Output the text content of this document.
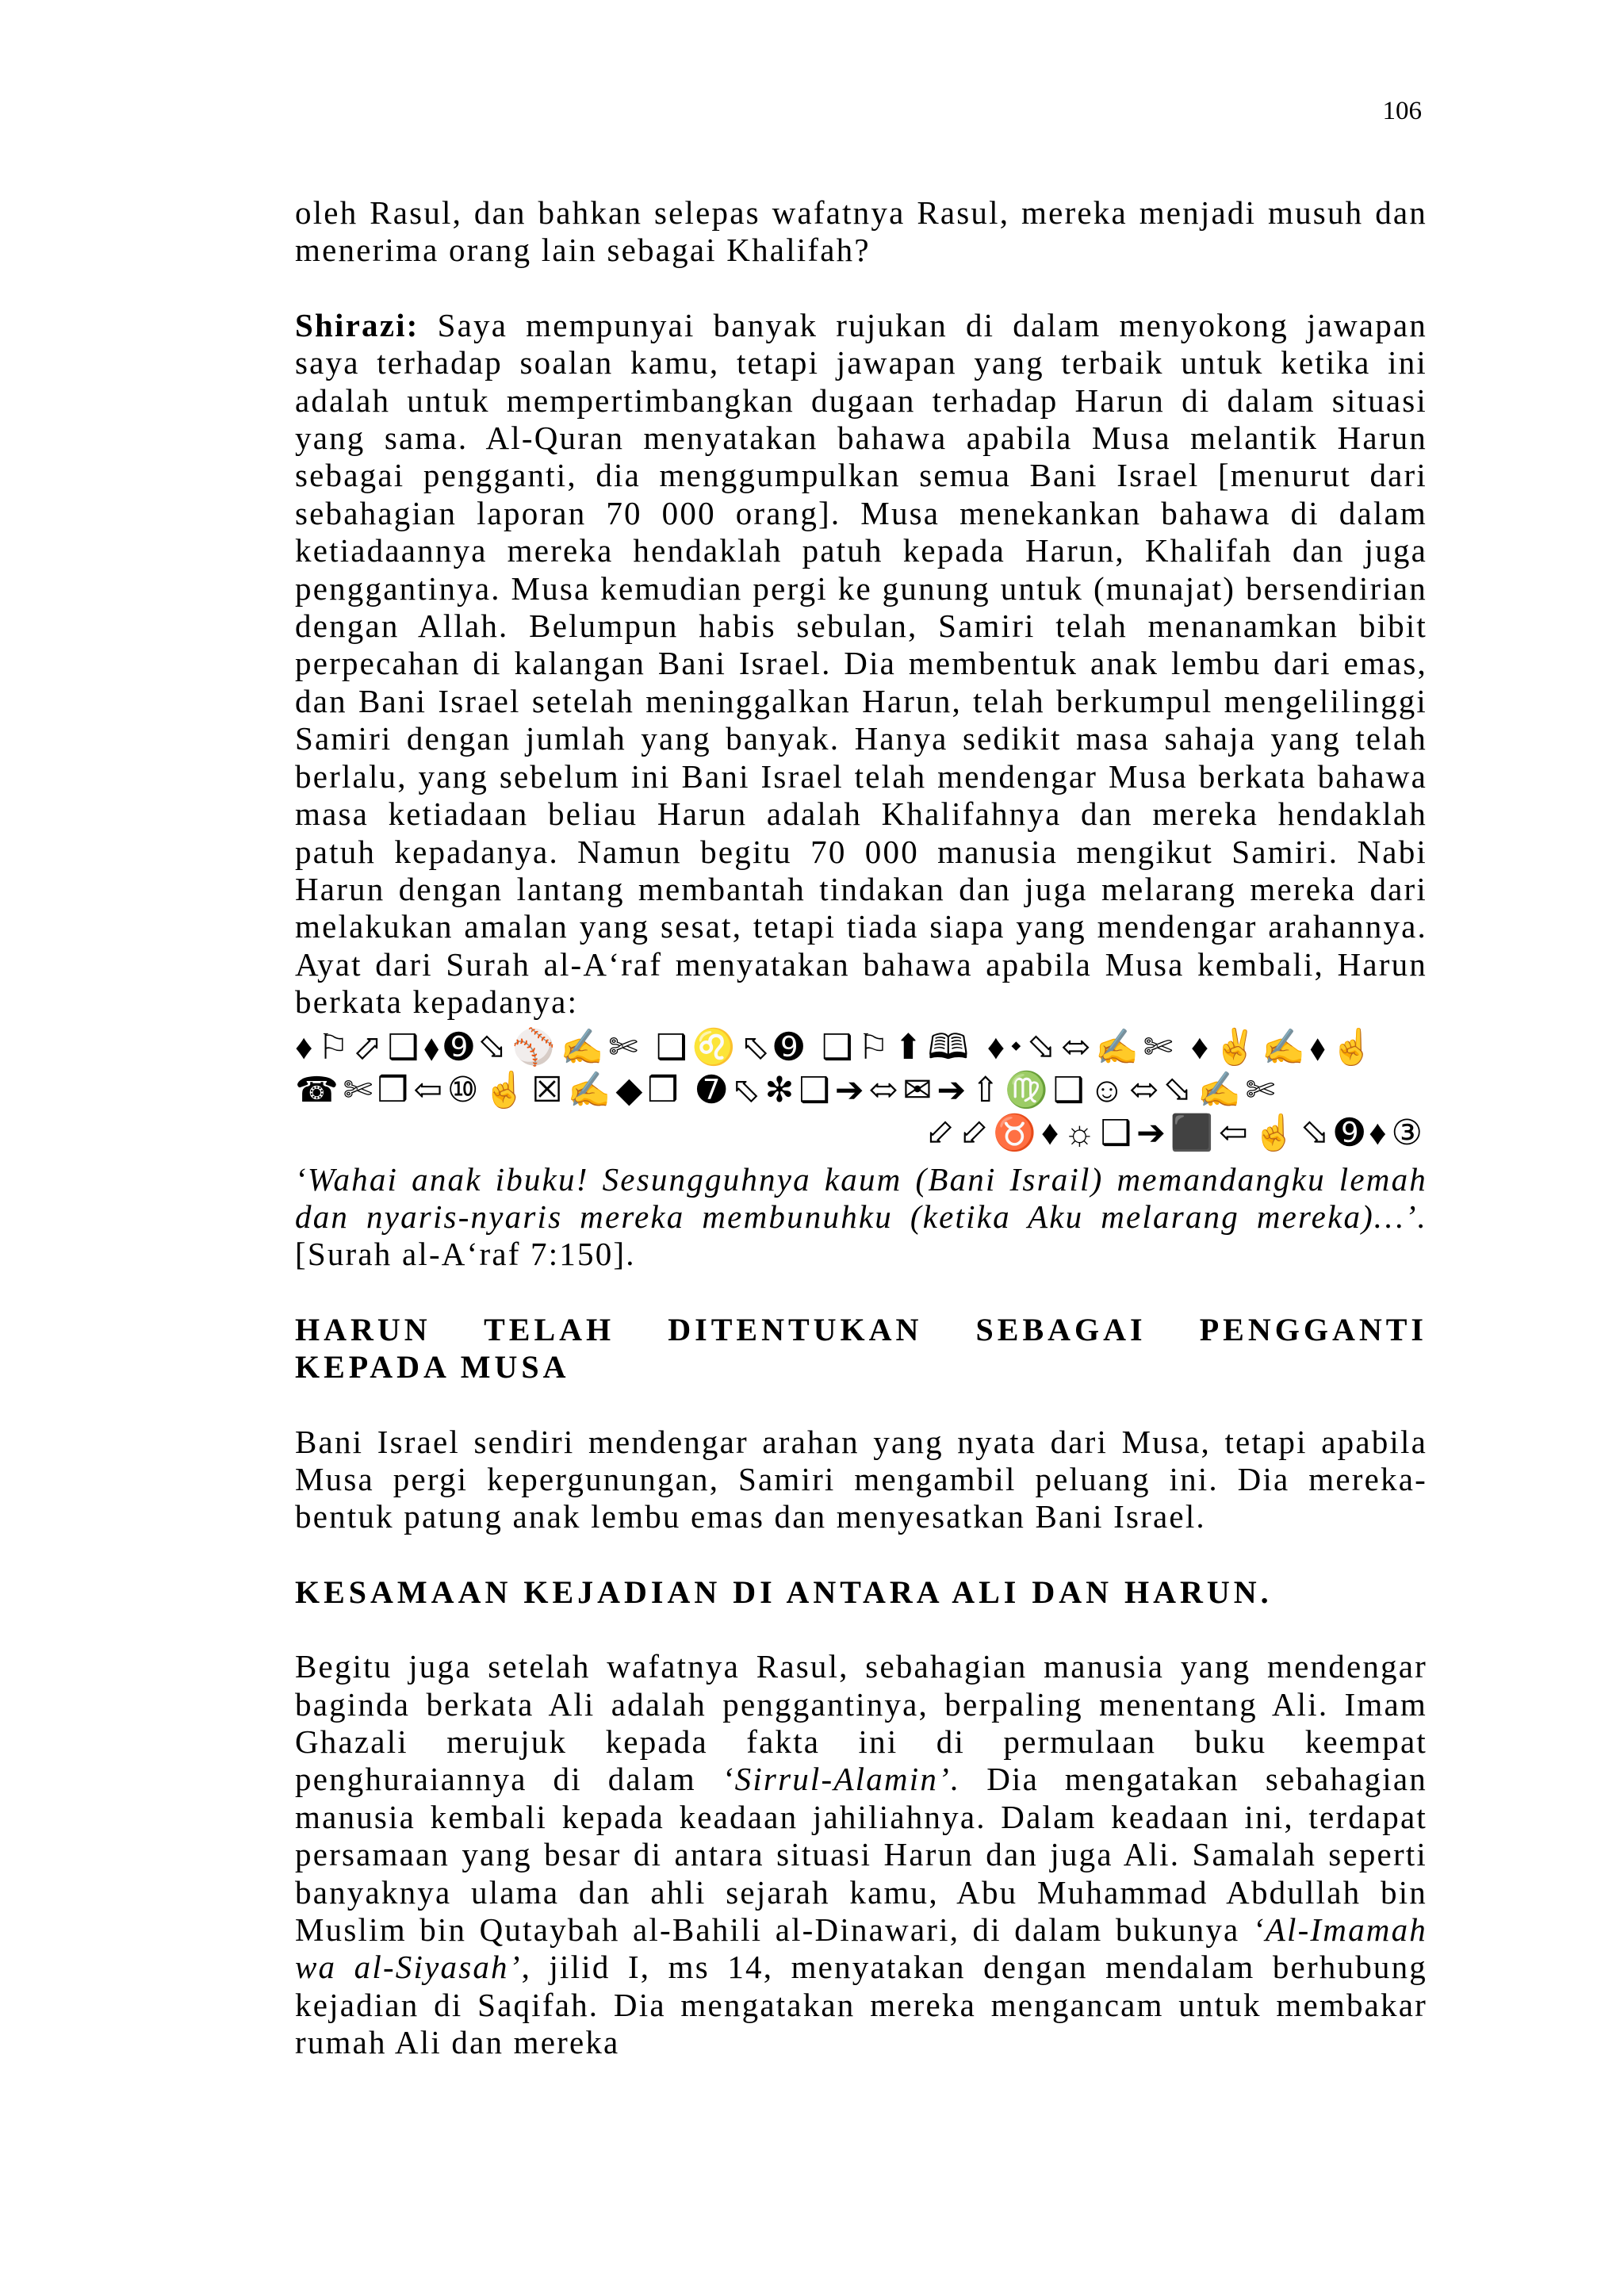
106

oleh Rasul, dan bahkan selepas wafatnya Rasul, mereka menjadi musuh dan menerima orang lain sebagai Khalifah?

Shirazi: Saya mempunyai banyak rujukan di dalam menyokong jawapan saya terhadap soalan kamu, tetapi jawapan yang terbaik untuk ketika ini adalah untuk mempertimbangkan dugaan terhadap Harun di dalam situasi yang sama. Al-Quran menyatakan bahawa apabila Musa melantik Harun sebagai pengganti, dia menggumpulkan semua Bani Israel [menurut dari sebahagian laporan 70 000 orang]. Musa menekankan bahawa di dalam ketiadaannya mereka hendaklah patuh kepada Harun, Khalifah dan juga penggantinya. Musa kemudian pergi ke gunung untuk (munajat) bersendirian dengan Allah. Belumpun habis sebulan, Samiri telah menanamkan bibit perpecahan di kalangan Bani Israel. Dia membentuk anak lembu dari emas, dan Bani Israel setelah meninggalkan Harun, telah berkumpul mengelilinggi Samiri dengan jumlah yang banyak. Hanya sedikit masa sahaja yang telah berlalu, yang sebelum ini Bani Israel telah mendengar Musa berkata bahawa masa ketiadaan beliau Harun adalah Khalifahnya dan mereka hendaklah patuh kepadanya. Namun begitu 70 000 manusia mengikut Samiri. Nabi Harun dengan lantang membantah tindakan dan juga melarang mereka dari melakukan amalan yang sesat, tetapi tiada siapa yang mendengar arahannya. Ayat dari Surah al-A‘raf menyatakan bahawa apabila Musa kembali, Harun berkata kepadanya:

♦⚐⬀❑⬧➒⬂⚾✍✄ ❑♌⬁➒ ❑⚐⬆🕮 ♦⬩⬂⬄✍✄ ♦✌✍⬧☝
☎✄❒⇦⑩☝☒✍◆❒ ➐⬁✻❑➔⬄✉➔⇧♍❑☺⬄⬂✍✄
⬃⬃♉♦☼❑➔⬛⇦☝⬂➒♦③

‘Wahai anak ibuku! Sesungguhnya kaum (Bani Israil) memandangku lemah dan nyaris-nyaris mereka membunuhku (ketika Aku melarang mereka)…’. [Surah al-A‘raf 7:150].

HARUN TELAH DITENTUKAN SEBAGAI PENGGANTI KEPADA MUSA

Bani Israel sendiri mendengar arahan yang nyata dari Musa, tetapi apabila Musa pergi kepergunungan, Samiri mengambil peluang ini. Dia mereka-bentuk patung anak lembu emas dan menyesatkan Bani Israel.

KESAMAAN KEJADIAN DI ANTARA ALI DAN HARUN.

Begitu juga setelah wafatnya Rasul, sebahagian manusia yang mendengar baginda berkata Ali adalah penggantinya, berpaling menentang Ali. Imam Ghazali merujuk kepada fakta ini di permulaan buku keempat penghuraiannya di dalam ‘Sirrul-Alamin’. Dia mengatakan sebahagian manusia kembali kepada keadaan jahiliahnya. Dalam keadaan ini, terdapat persamaan yang besar di antara situasi Harun dan juga Ali. Samalah seperti banyaknya ulama dan ahli sejarah kamu, Abu Muhammad Abdullah bin Muslim bin Qutaybah al-Bahili al-Dinawari, di dalam bukunya ‘Al-Imamah wa al-Siyasah’, jilid I, ms 14, menyatakan dengan mendalam berhubung kejadian di Saqifah. Dia mengatakan mereka mengancam untuk membakar rumah Ali dan mereka
